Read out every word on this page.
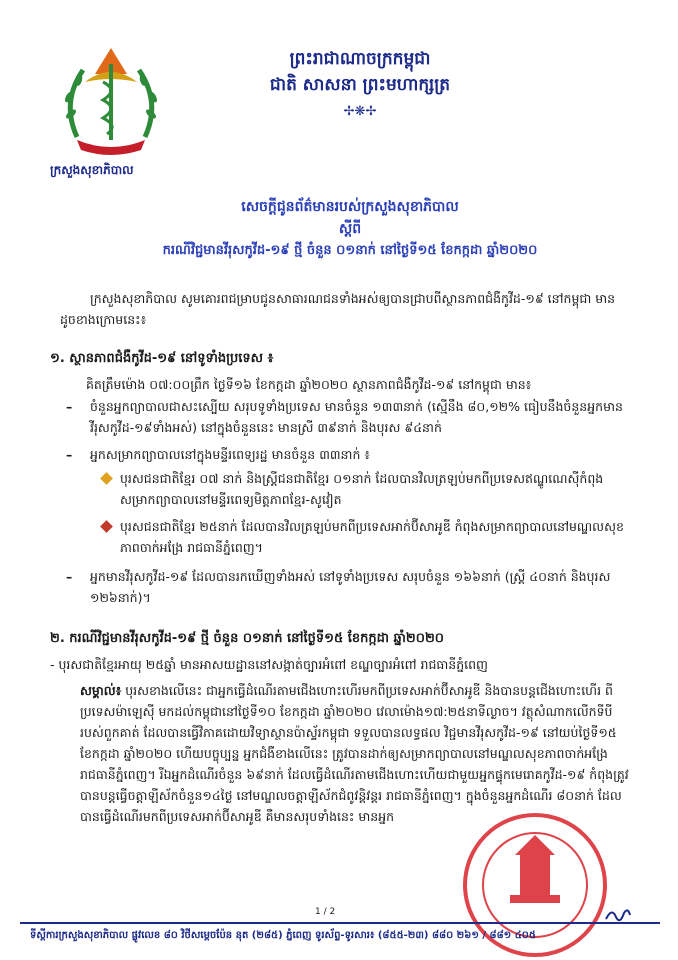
ក្រសួងសុខាភិបាល
ព្រះរាជាណាចក្រកម្ពុជា
ជាតិ សាសនា ព្រះមហាក្សត្រ
✢❋✢
សេចក្ដីជូនព័ត៌មានរបស់ក្រសួងសុខាភិបាល
ស្ដីពី
ករណីវិជ្ជមានវីរុសកូវីដ-១៩ ថ្មី ចំនួន ០១នាក់ នៅថ្ងៃទី១៥ ខែកក្កដា ឆ្នាំ២០២០
ក្រសួងសុខាភិបាល សូមគោរពជម្រាបជូនសាធារណជនទាំងអស់ឲ្យបានជ្រាបពីស្ថានភាពជំងឺកូវីដ-១៩ នៅកម្ពុជា មានដូចខាងក្រោមនេះ៖
១. ស្ថានភាពជំងឺកូវីដ-១៩ នៅទូទាំងប្រទេស ៖
គិតត្រឹមម៉ោង ០៧:០០ព្រឹក ថ្ងៃទី១៦ ខែកក្កដា ឆ្នាំ២០២០ ស្ថានភាពជំងឺកូវីដ-១៩ នៅកម្ពុជា មាន៖
–	ចំនួនអ្នកព្យាបាលជាសះស្បើយ សរុបទូទាំងប្រទេស មានចំនួន ១៣៣នាក់ (ស្មើនឹង ៨០,១២% ធៀបនឹងចំនួនអ្នកមានវីរុសកូវីដ-១៩ទាំងអស់) នៅក្នុងចំនួននេះ មានស្រី ៣៩នាក់ និងបុរស ៩៤នាក់
–	អ្នកសម្រាកព្យាបាលនៅក្នុងមន្ទីរពេទ្យរដ្ឋ មានចំនួន ៣៣នាក់ ៖
បុរសជនជាតិខ្មែរ ០៧ នាក់ និងស្ត្រីជនជាតិខ្មែរ ០១នាក់ ដែលបានវិលត្រឡប់មកពីប្រទេសឥណ្ឌូណេស៊ីកំពុងសម្រាកព្យាបាលនៅមន្ទីរពេទ្យមិត្តភាពខ្មែរ-សូវៀត
បុរសជនជាតិខ្មែរ ២៥នាក់ ដែលបានវិលត្រឡប់មកពីប្រទេសអាក់ប៊ីសាអូឌី កំពុងសម្រាកព្យាបាលនៅមណ្ឌលសុខភាពចាក់អង្រែ រាជធានីភ្នំពេញ។
–	អ្នកមានវីរុសកូវីដ-១៩ ដែលបានរកឃើញទាំងអស់ នៅទូទាំងប្រទេស សរុបចំនួន ១៦៦នាក់ (ស្ត្រី ៤០នាក់ និងបុរស ១២៦នាក់)។
២. ករណីវិជ្ជមានវីរុសកូវីដ-១៩ ថ្មី ចំនួន ០១នាក់ នៅថ្ងៃទី១៥ ខែកក្កដា ឆ្នាំ២០២០
- បុរសជាតិខ្មែរអាយុ ២៥ឆ្នាំ មានអាសយដ្ឋាននៅសង្កាត់ច្បារអំពៅ ខណ្ឌច្បារអំពៅ រាជធានីភ្នំពេញ
សម្គាល់៖ បុរសខាងលើនេះ ជាអ្នកធ្វើដំណើរតាមជើងហោះហើរមកពីប្រទេសអាក់ប៊ីសាអូឌី និងបានបន្តជើងហោះហើរ ពីប្រទេសម៉ាឡេស៊ី មកដល់កម្ពុជានៅថ្ងៃទី១០ ខែកក្កដា ឆ្នាំ២០២០ វេលាម៉ោង១៧:២៥នាទីល្ងាច។ វត្ថុសំណាកលើកទីបីរបស់ពួកគាត់ ដែលបានធ្វើវិភាគដោយវិទ្យាស្ថានប៉ាស្ទ័រកម្ពុជា ទទួលបានលទ្ធផល វិជ្ជមានវីរុសកូវីដ-១៩ នៅយប់ថ្ងៃទី១៥ ខែកក្កដា ឆ្នាំ២០២០ ហើយបច្ចុប្បន្ន អ្នកជំងឺខាងលើនេះ ត្រូវបានដាក់ឲ្យសម្រាកព្យាបាលនៅមណ្ឌលសុខភាពចាក់អង្រែ រាជធានីភ្នំពេញ។ រីឯអ្នកដំណើរចំនួន ៦៩នាក់ ដែលធ្វើដំណើរតាមជើងហោះហើយជាមួយអ្នកផ្ទុកមេរោគកូវីដ-១៩ កំពុងត្រូវបានបន្តធ្វើចត្តាឡីស័កចំនួន១៤ថ្ងៃ នៅមណ្ឌលចត្តាឡីស័កជំពូវន្ដិវន្តរ រាជធានីភ្នំពេញ។ ក្នុងចំនួនអ្នកដំណើរ ៨០នាក់ ដែលបានធ្វើដំណើរមកពីប្រទេសអាក់ប៊ីសាអូឌី គឺមានសរុបទាំងនេះ មានអ្នក
1 / 2
ទីស្ដីការក្រសួងសុខាភិបាល ផ្លូវលេខ ៨០ វិថីសម្ដេចប៉ែន នុត (២៨៥) ភ្នំពេញ ទូរស័ព្ទ-ទូរសារ៖ (៨៥៥-២៣) ៨៨០ ២៦១ / ៨៨១ ៤០៥
